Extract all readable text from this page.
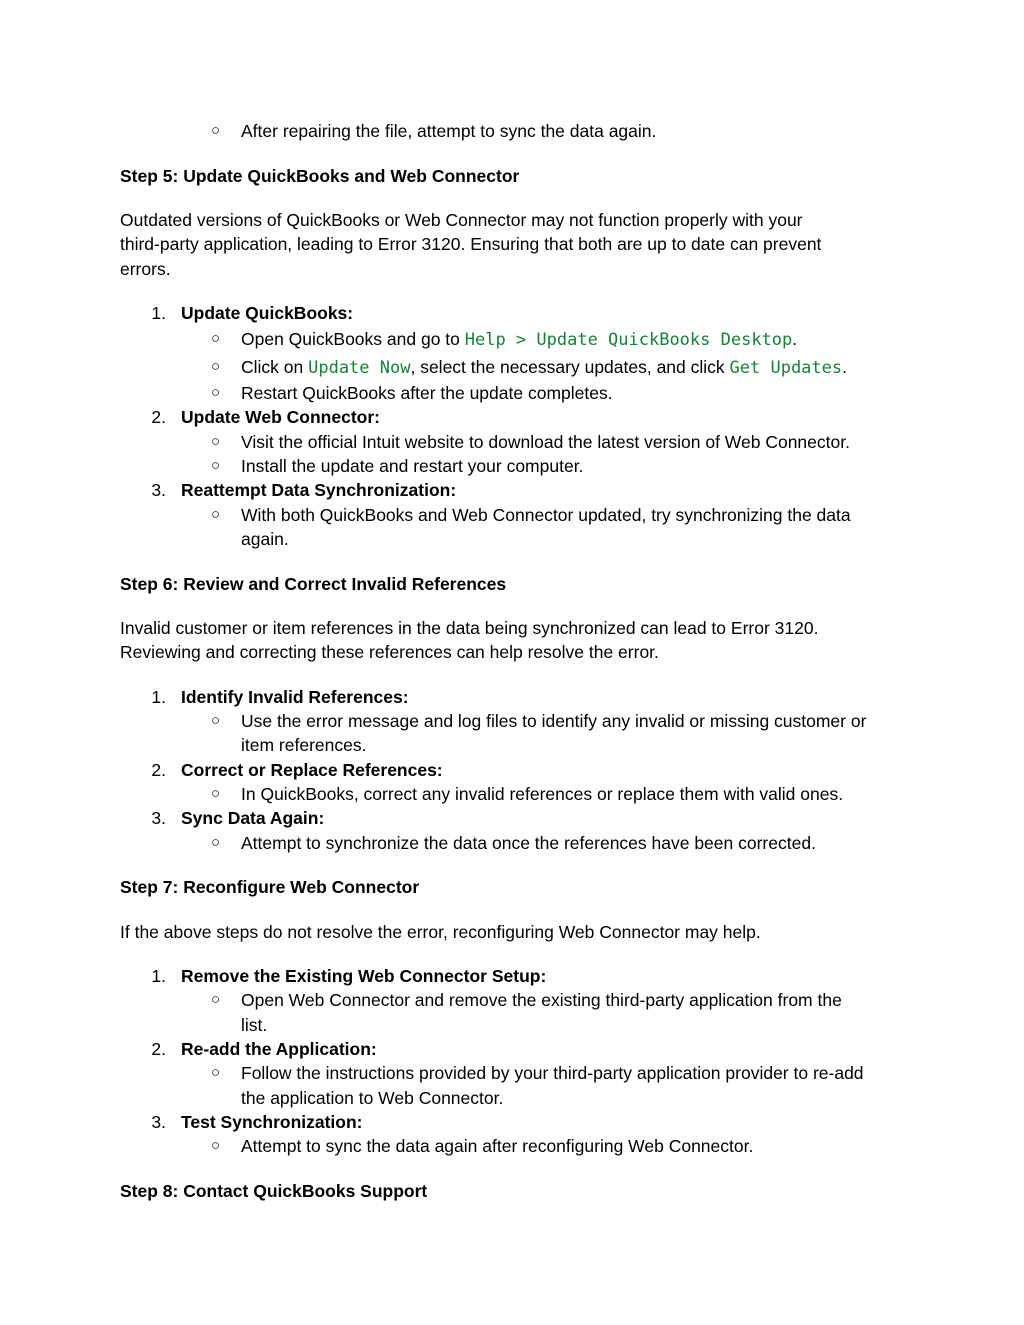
○ After repairing the file, attempt to sync the data again.
Step 5: Update QuickBooks and Web Connector
Outdated versions of QuickBooks or Web Connector may not function properly with your
third-party application, leading to Error 3120. Ensuring that both are up to date can prevent
errors.
1. Update QuickBooks:
○ Open QuickBooks and go to Help > Update QuickBooks Desktop.
○ Click on Update Now, select the necessary updates, and click Get Updates.
○ Restart QuickBooks after the update completes.
2. Update Web Connector:
○ Visit the official Intuit website to download the latest version of Web Connector.
○ Install the update and restart your computer.
3. Reattempt Data Synchronization:
○ With both QuickBooks and Web Connector updated, try synchronizing the data
again.
Step 6: Review and Correct Invalid References
Invalid customer or item references in the data being synchronized can lead to Error 3120.
Reviewing and correcting these references can help resolve the error.
1. Identify Invalid References:
○ Use the error message and log files to identify any invalid or missing customer or
item references.
2. Correct or Replace References:
○ In QuickBooks, correct any invalid references or replace them with valid ones.
3. Sync Data Again:
○ Attempt to synchronize the data once the references have been corrected.
Step 7: Reconfigure Web Connector
If the above steps do not resolve the error, reconfiguring Web Connector may help.
1. Remove the Existing Web Connector Setup:
○ Open Web Connector and remove the existing third-party application from the
list.
2. Re-add the Application:
○ Follow the instructions provided by your third-party application provider to re-add
the application to Web Connector.
3. Test Synchronization:
○ Attempt to sync the data again after reconfiguring Web Connector.
Step 8: Contact QuickBooks Support
